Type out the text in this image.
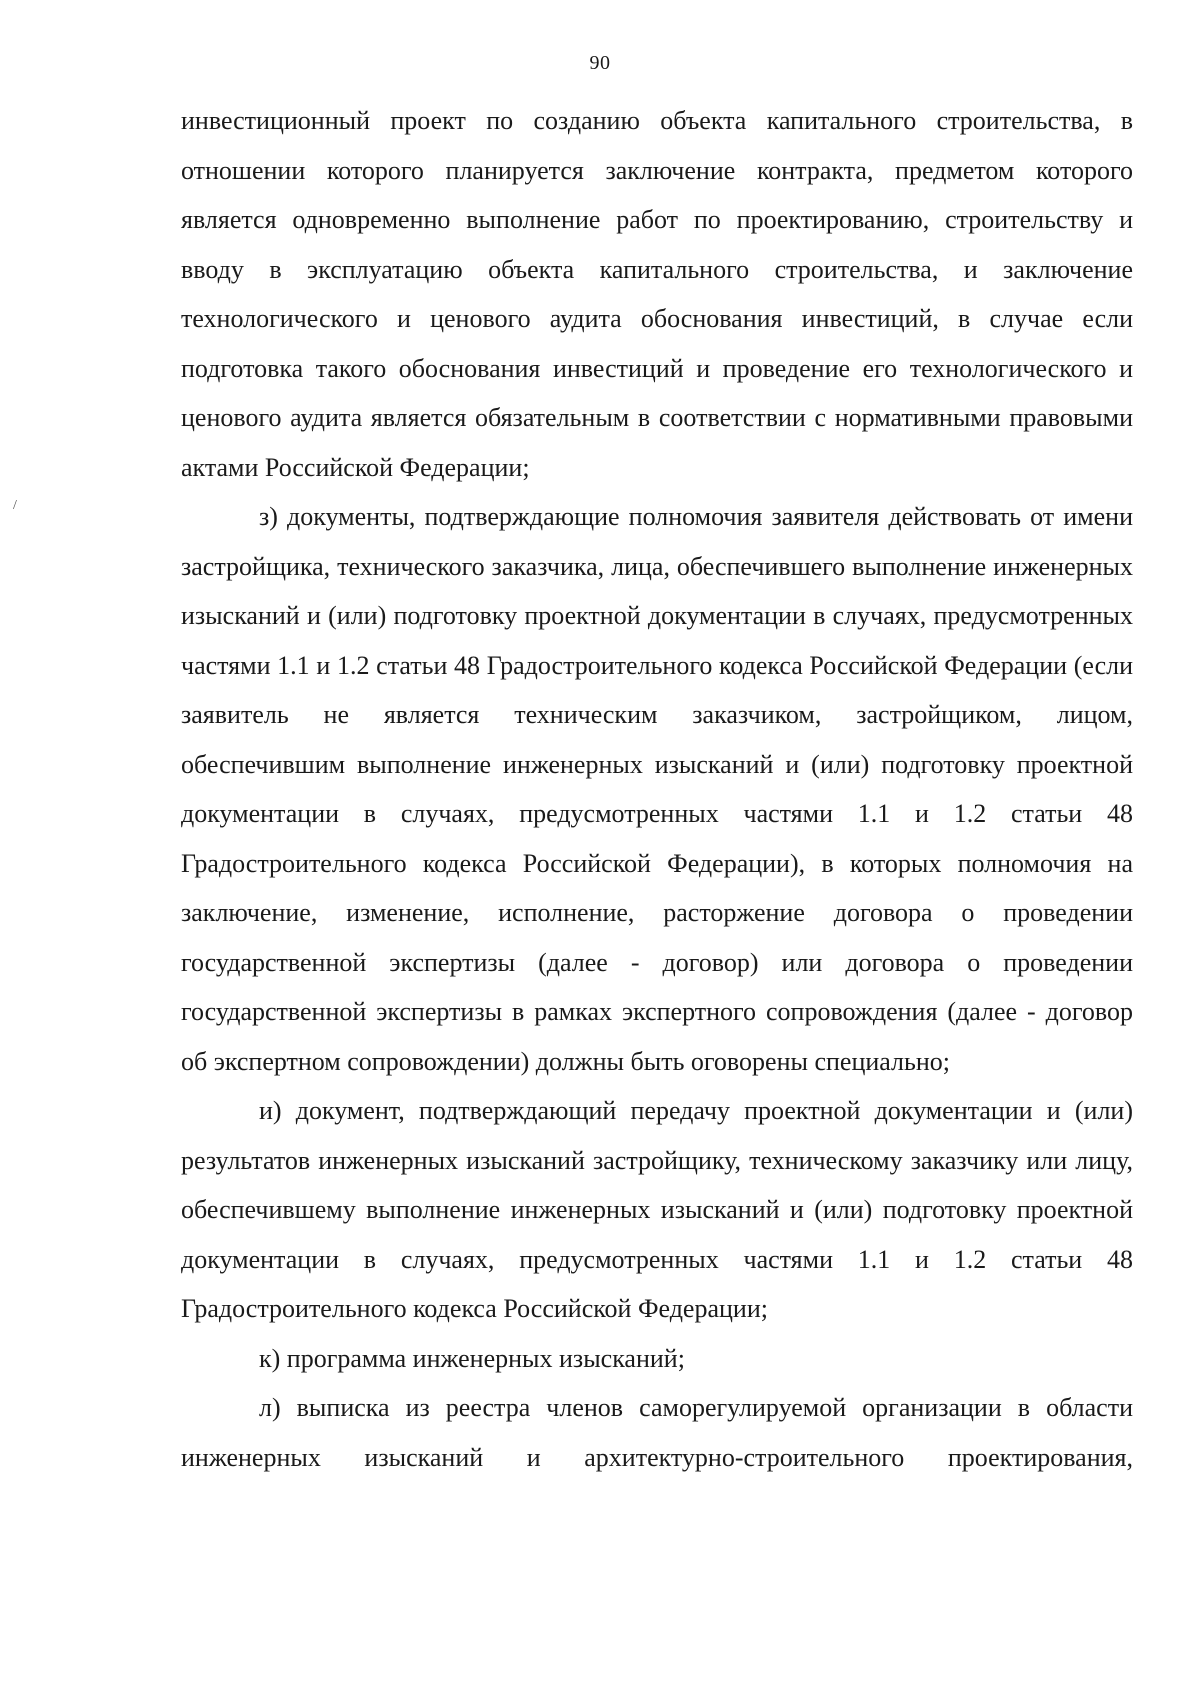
90
/

инвестиционный проект по созданию объекта капитального строительства, в отношении которого планируется заключение контракта, предметом которого является одновременно выполнение работ по проектированию, строительству и вводу в эксплуатацию объекта капитального строительства, и заключение технологического и ценового аудита обоснования инвестиций, в случае если подготовка такого обоснования инвестиций и проведение его технологического и ценового аудита является обязательным в соответствии с нормативными правовыми актами Российской Федерации;

з) документы, подтверждающие полномочия заявителя действовать от имени застройщика, технического заказчика, лица, обеспечившего выполнение инженерных изысканий и (или) подготовку проектной документации в случаях, предусмотренных частями 1.1 и 1.2 статьи 48 Градостроительного кодекса Российской Федерации (если заявитель не является техническим заказчиком, застройщиком, лицом, обеспечившим выполнение инженерных изысканий и (или) подготовку проектной документации в случаях, предусмотренных частями 1.1 и 1.2 статьи 48 Градостроительного кодекса Российской Федерации), в которых полномочия на заключение, изменение, исполнение, расторжение договора о проведении государственной экспертизы (далее - договор) или договора о проведении государственной экспертизы в рамках экспертного сопровождения (далее - договор об экспертном сопровождении) должны быть оговорены специально;

и) документ, подтверждающий передачу проектной документации и (или) результатов инженерных изысканий застройщику, техническому заказчику или лицу, обеспечившему выполнение инженерных изысканий и (или) подготовку проектной документации в случаях, предусмотренных частями 1.1 и 1.2 статьи 48 Градостроительного кодекса Российской Федерации;

к) программа инженерных изысканий;

л) выписка из реестра членов саморегулируемой организации в области инженерных изысканий и архитектурно-строительного проектирования,
